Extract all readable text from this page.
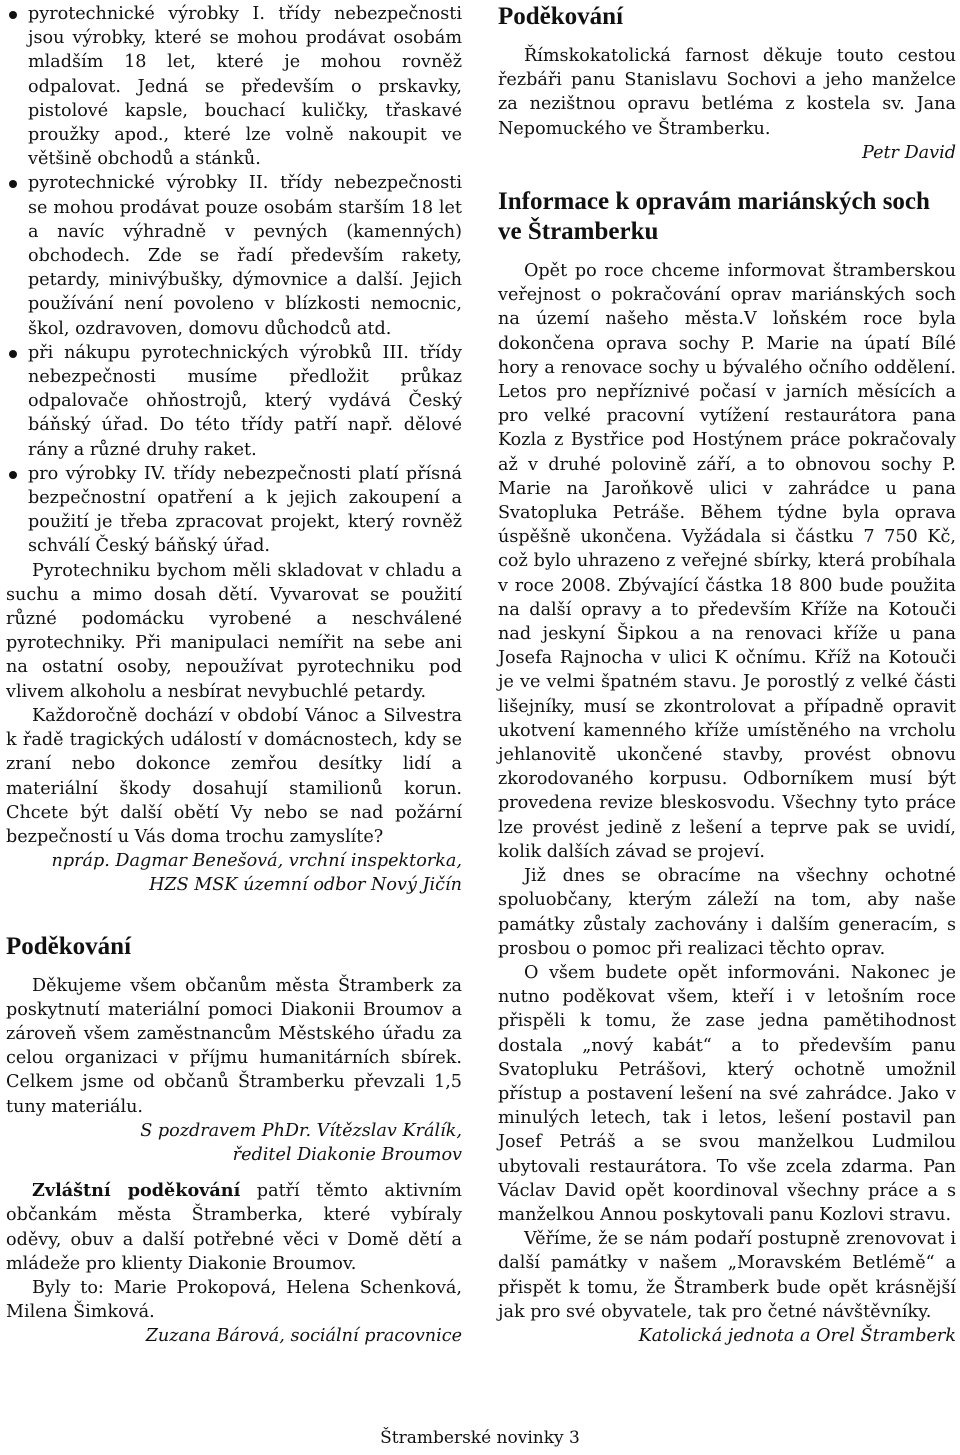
pyrotechnické výrobky I. třídy nebezpečnosti jsou výrobky, které se mohou prodávat osobám mladším 18 let, které je mohou rovněž odpalovat. Jedná se především o prskavky, pistolové kapsle, bouchací kuličky, třaskavé proužky apod., které lze volně nakoupit ve většině obchodů a stánků.

pyrotechnické výrobky II. třídy nebezpečnosti se mohou prodávat pouze osobám starším 18 let a navíc výhradně v pevných (kamenných) obchodech. Zde se řadí především rakety, petardy, minivýbušky, dýmovnice a další. Jejich používání není povoleno v blízkosti nemocnic, škol, ozdravoven, domovu důchodců atd.

při nákupu pyrotechnických výrobků III. třídy nebezpečnosti musíme předložit průkaz odpalovače ohňostrojů, který vydává Český báňský úřad. Do této třídy patří např. dělové rány a různé druhy raket.

pro výrobky IV. třídy nebezpečnosti platí přísná bezpečnostní opatření a k jejich zakoupení a použití je třeba zpracovat projekt, který rovněž schválí Český báňský úřad.

Pyrotechniku bychom měli skladovat v chladu a suchu a mimo dosah dětí. Vyvarovat se použití různé podomácku vyrobené a neschválené pyrotechniky. Při manipulaci nemířit na sebe ani na ostatní osoby, nepoužívat pyrotechniku pod vlivem alkoholu a nesbírat nevybuchlé petardy.

Každoročně dochází v období Vánoc a Silvestra k řadě tragických událostí v domácnostech, kdy se zraní nebo dokonce zemřou desítky lidí a materiální škody dosahují stamilionů korun. Chcete být další obětí Vy nebo se nad požární bezpečností u Vás doma trochu zamyslíte?

npráp. Dagmar Benešová, vrchní inspektorka,

HZS MSK územní odbor Nový Jičín

Poděkování

Děkujeme všem občanům města Štramberk za poskytnutí materiální pomoci Diakonii Broumov a zároveň všem zaměstnancům Městského úřadu za celou organizaci v příjmu humanitárních sbírek. Celkem jsme od občanů Štramberku převzali 1,5 tuny materiálu.

S pozdravem PhDr. Vítězslav Králík,

ředitel Diakonie Broumov

Zvláštní poděkování patří těmto aktivním občankám města Štramberka, které vybíraly oděvy, obuv a další potřebné věci v Domě dětí a mládeže pro klienty Diakonie Broumov.

Byly to: Marie Prokopová, Helena Schenková, Milena Šimková.

Zuzana Bárová, sociální pracovnice

Poděkování

Římskokatolická farnost děkuje touto cestou řezbáři panu Stanislavu Sochovi a jeho manželce za nezištnou opravu betléma z kostela sv. Jana Nepomuckého ve Štramberku.

Petr David

Informace k opravám mariánských soch ve Štramberku

Opět po roce chceme informovat štramberskou veřejnost o pokračování oprav mariánských soch na území našeho města.V loňském roce byla dokončena oprava sochy P. Marie na úpatí Bílé hory a renovace sochy u bývalého očního oddělení. Letos pro nepříznivé počasí v jarních měsících a pro velké pracovní vytížení restaurátora pana Kozla z Bystřice pod Hostýnem práce pokračovaly až v druhé polovině září, a to obnovou sochy P. Marie na Jaroňkově ulici v zahrádce u pana Svatopluka Petráše. Během týdne byla oprava úspěšně ukončena. Vyžádala si částku 7 750 Kč, což bylo uhrazeno z veřejné sbírky, která probíhala v roce 2008. Zbývající částka 18 800 bude použita na další opravy a to především Kříže na Kotouči nad jeskyní Šipkou a na renovaci kříže u pana Josefa Rajnocha v ulici K očnímu. Kříž na Kotouči je ve velmi špatném stavu. Je porostlý z velké části lišejníky, musí se zkontrolovat a případně opravit ukotvení kamenného kříže umístěného na vrcholu jehlanovitě ukončené stavby, provést obnovu zkorodovaného korpusu. Odborníkem musí být provedena revize bleskosvodu. Všechny tyto práce lze provést jedině z lešení a teprve pak se uvidí, kolik dalších závad se projeví.

Již dnes se obracíme na všechny ochotné spoluobčany, kterým záleží na tom, aby naše památky zůstaly zachovány i dalším generacím, s prosbou o pomoc při realizaci těchto oprav.

O všem budete opět informováni. Nakonec je nutno poděkovat všem, kteří i v letošním roce přispěli k tomu, že zase jedna pamětihodnost dostala „nový kabát“ a to především panu Svatopluku Petrášovi, který ochotně umožnil přístup a postavení lešení na své zahrádce. Jako v minulých letech, tak i letos, lešení postavil pan Josef Petráš a se svou manželkou Ludmilou ubytovali restaurátora. To vše zcela zdarma. Pan Václav David opět koordinoval všechny práce a s manželkou Annou poskytovali panu Kozlovi stravu.

Věříme, že se nám podaří postupně zrenovovat i další památky v našem „Moravském Betlémě“ a přispět k tomu, že Štramberk bude opět krásnější jak pro své obyvatele, tak pro četné návštěvníky.

Katolická jednota a Orel Štramberk

Štramberské novinky 3
